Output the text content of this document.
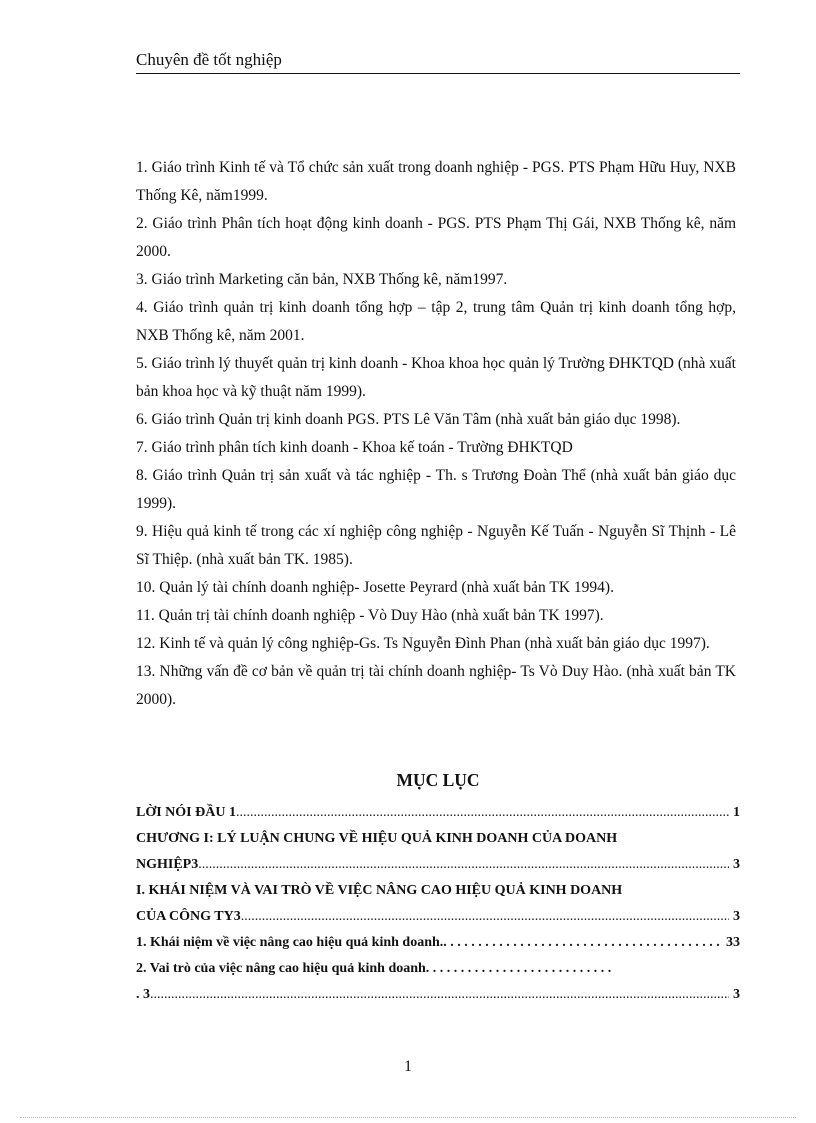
Chuyên đề tốt nghiệp

1. Giáo trình Kinh tế và Tổ chức sản xuất trong doanh nghiệp - PGS. PTS Phạm Hữu Huy, NXB Thống Kê, năm1999.

2. Giáo trình Phân tích hoạt động kinh doanh - PGS. PTS Phạm Thị Gái, NXB Thống kê, năm 2000.

3. Giáo trình Marketing căn bản, NXB Thống kê, năm1997.

4. Giáo trình quản trị kinh doanh tổng hợp – tập 2, trung tâm Quản trị kinh doanh tổng hợp, NXB Thống kê, năm 2001.

5. Giáo trình lý thuyết quản trị kinh doanh - Khoa khoa học quản lý Trường ĐHKTQD (nhà xuất bản khoa học và kỹ thuật năm 1999).

6. Giáo trình Quản trị kinh doanh PGS. PTS Lê Văn Tâm (nhà xuất bản giáo dục 1998).

7. Giáo trình phân tích kinh doanh - Khoa kế toán - Trường ĐHKTQD

8. Giáo trình Quản trị sản xuất và tác nghiệp - Th. s Trương Đoàn Thể (nhà xuất bản giáo dục 1999).

9. Hiệu quả kinh tế trong các xí nghiệp công nghiệp - Nguyễn Kế Tuấn - Nguyễn Sĩ Thịnh - Lê Sĩ Thiệp. (nhà xuất bản TK. 1985).

10. Quản lý tài chính doanh nghiệp- Josette Peyrard (nhà xuất bản TK 1994).

11. Quản trị tài chính doanh nghiệp - Vò Duy Hào (nhà xuất bản TK 1997).

12. Kinh tế và quản lý công nghiệp-Gs. Ts Nguyễn Đình Phan (nhà xuất bản giáo dục 1997).

13. Những vấn đề cơ bản về quản trị tài chính doanh nghiệp- Ts Vò Duy Hào. (nhà xuất bản TK 2000).

MỤC LỤC
LỜI NÓI ĐẦU 1 .....	1

CHƯƠNG I: LÝ LUẬN CHUNG VỀ HIỆU QUẢ KINH DOANH CỦA DOANH

NGHIỆP3 .....	3

I. KHÁI NIỆM VÀ VAI TRÒ VỀ VIỆC NÂNG CAO HIỆU QUẢ KINH DOANH

CỦA CÔNG TY3 .....	3
1. Khái niệm về việc nâng cao hiệu quả kinh doanh. . . .	33

2. Vai trò của việc nâng cao hiệu quả kinh doanh. . . . . . . . . . . . . . . . . . . . . . . . . . .

. 3 .....	3
1
